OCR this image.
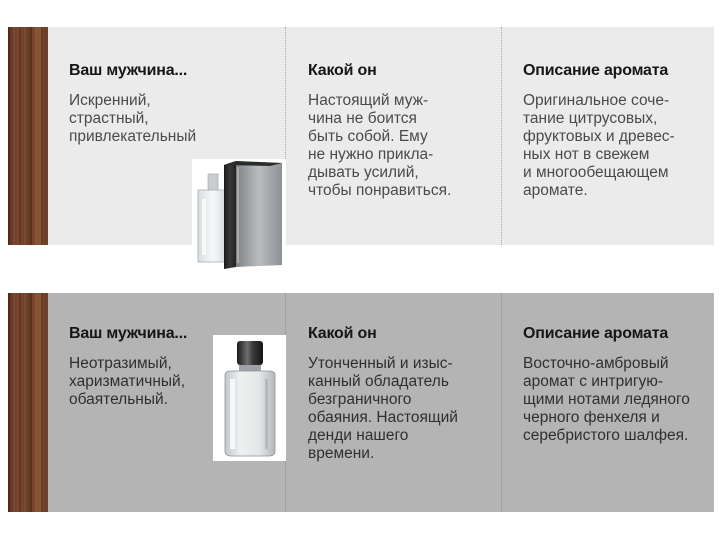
Ваш мужчина...

Искренний,
страстный,
привлекательный

Какой он

Настоящий муж-
чина не боится
быть собой. Ему
не нужно прикла-
дывать усилий,
чтобы понравиться.

Описание аромата

Оригинальное соче-
тание цитрусовых,
фруктовых и древес-
ных нот в свежем
и многообещающем
аромате.

Ваш мужчина...

Неотразимый,
харизматичный,
обаятельный.

Какой он

Утонченный и изыс-
канный обладатель
безграничного
обаяния. Настоящий
денди нашего
времени.

Описание аромата

Восточно-амбровый
аромат с интригую-
щими нотами ледяного
черного фенхеля и
серебристого шалфея.
